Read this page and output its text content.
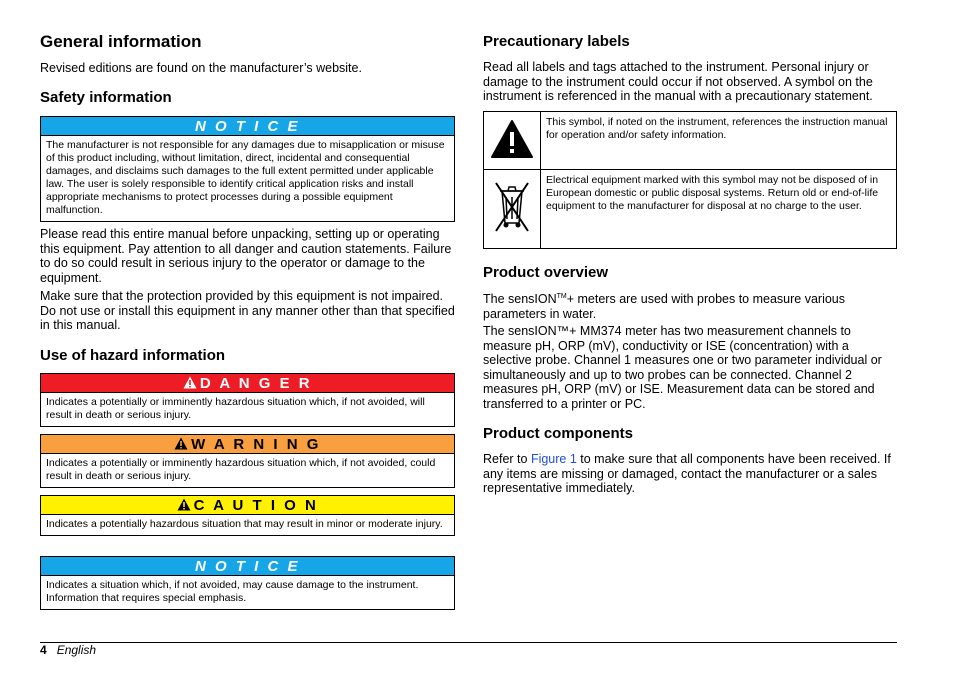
General information

Revised editions are found on the manufacturer’s website.

Safety information
N O T I C E
The manufacturer is not responsible for any damages due to misapplication or misuse of this product including, without limitation, direct, incidental and consequential damages, and disclaims such damages to the full extent permitted under applicable law. The user is solely responsible to identify critical application risks and install appropriate mechanisms to protect processes during a possible equipment malfunction.

Please read this entire manual before unpacking, setting up or operating this equipment. Pay attention to all danger and caution statements. Failure to do so could result in serious injury to the operator or damage to the equipment.

Make sure that the protection provided by this equipment is not impaired. Do not use or install this equipment in any manner other than that specified in this manual.

Use of hazard information
D A N G E R
Indicates a potentially or imminently hazardous situation which, if not avoided, will result in death or serious injury.
W A R N I N G
Indicates a potentially or imminently hazardous situation which, if not avoided, could result in death or serious injury.
C A U T I O N
Indicates a potentially hazardous situation that may result in minor or moderate injury.
N O T I C E
Indicates a situation which, if not avoided, may cause damage to the instrument. Information that requires special emphasis.
Precautionary labels

Read all labels and tags attached to the instrument. Personal injury or damage to the instrument could occur if not observed. A symbol on the instrument is referenced in the manual with a precautionary statement.

	This symbol, if noted on the instrument, references the instruction manual for operation and/or safety information.
	Electrical equipment marked with this symbol may not be disposed of in European domestic or public disposal systems. Return old or end-of-life equipment to the manufacturer for disposal at no charge to the user.
Product overview

The sensION™+ meters are used with probes to measure various parameters in water.

The sensION™+ MM374 meter has two measurement channels to measure pH, ORP (mV), conductivity or ISE (concentration) with a selective probe. Channel 1 measures one or two parameter individual or simultaneously and up to two probes can be connected. Channel 2 measures pH, ORP (mV) or ISE. Measurement data can be stored and transferred to a printer or PC.

Product components

Refer to Figure 1 to make sure that all components have been received. If any items are missing or damaged, contact the manufacturer or a sales representative immediately.

4 English
